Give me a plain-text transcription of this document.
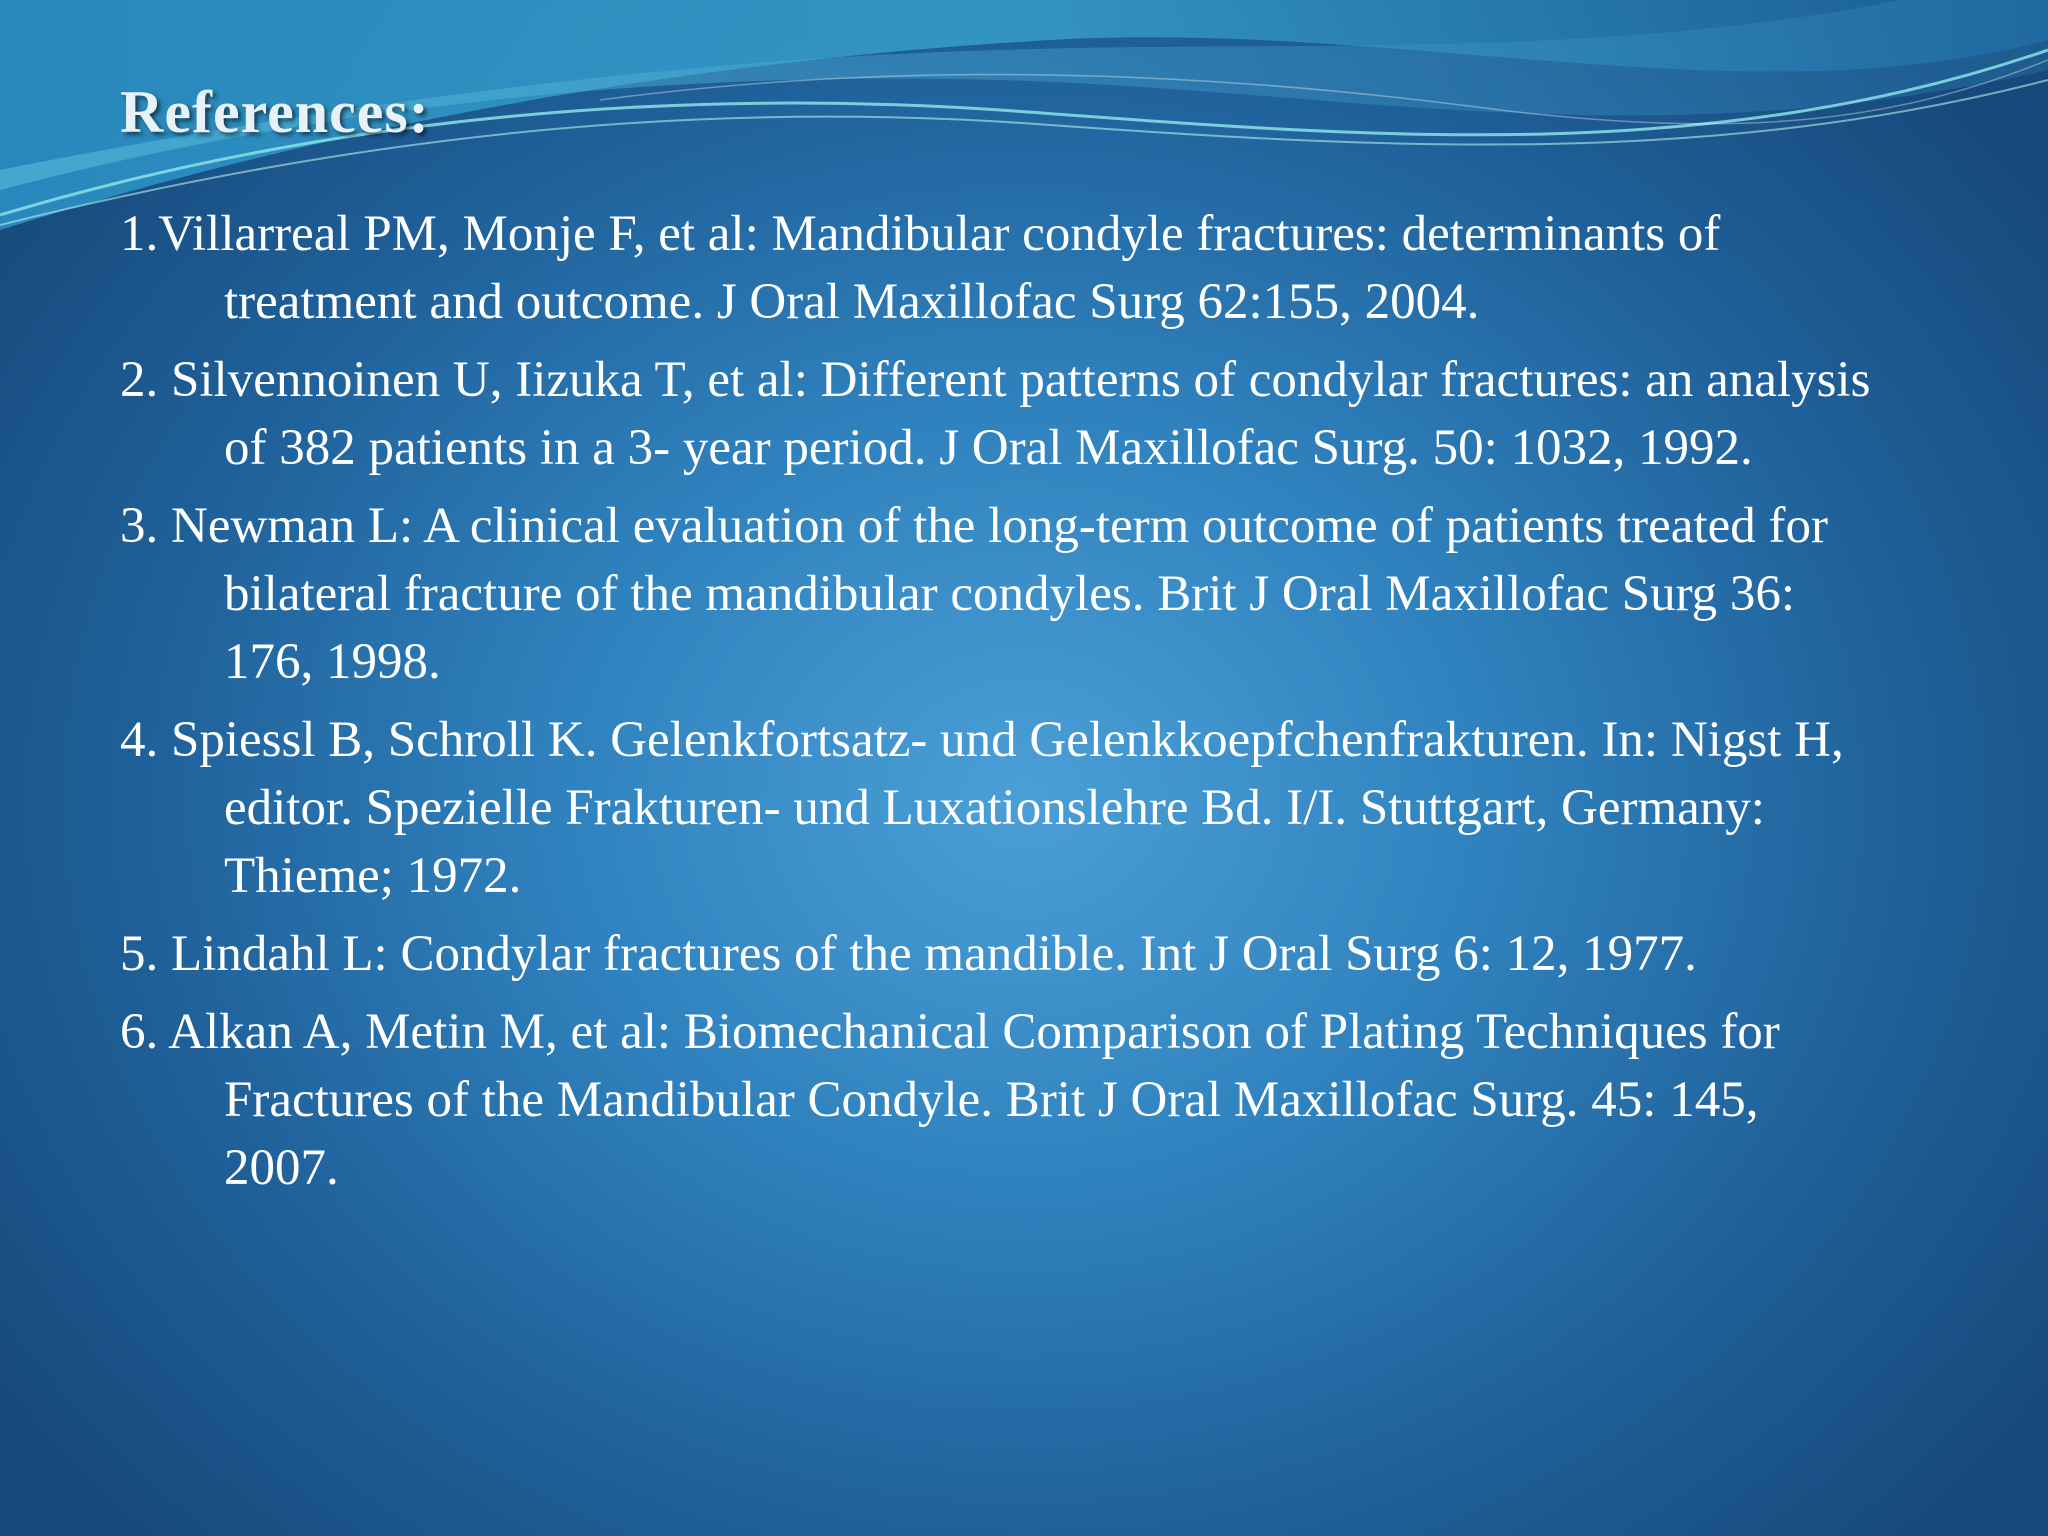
References:
1.Villarreal PM, Monje F, et al: Mandibular condyle fractures: determinants of treatment and outcome. J Oral Maxillofac Surg 62:155, 2004.
2. Silvennoinen U, Iizuka T, et al: Different patterns of condylar fractures: an analysis of 382 patients in a 3- year period. J Oral Maxillofac Surg. 50: 1032, 1992.
3. Newman L: A clinical evaluation of the long-term outcome of patients treated for bilateral fracture of the mandibular condyles. Brit J Oral Maxillofac Surg 36: 176, 1998.
4. Spiessl B, Schroll K. Gelenkfortsatz- und Gelenkkoepfchenfrakturen. In: Nigst H, editor. Spezielle Frakturen- und Luxationslehre Bd. I/I. Stuttgart, Germany: Thieme; 1972.
5. Lindahl L: Condylar fractures of the mandible. Int J Oral Surg 6: 12, 1977.
6. Alkan A, Metin M, et al: Biomechanical Comparison of Plating Techniques for Fractures of the Mandibular Condyle. Brit J Oral Maxillofac Surg. 45: 145, 2007.
